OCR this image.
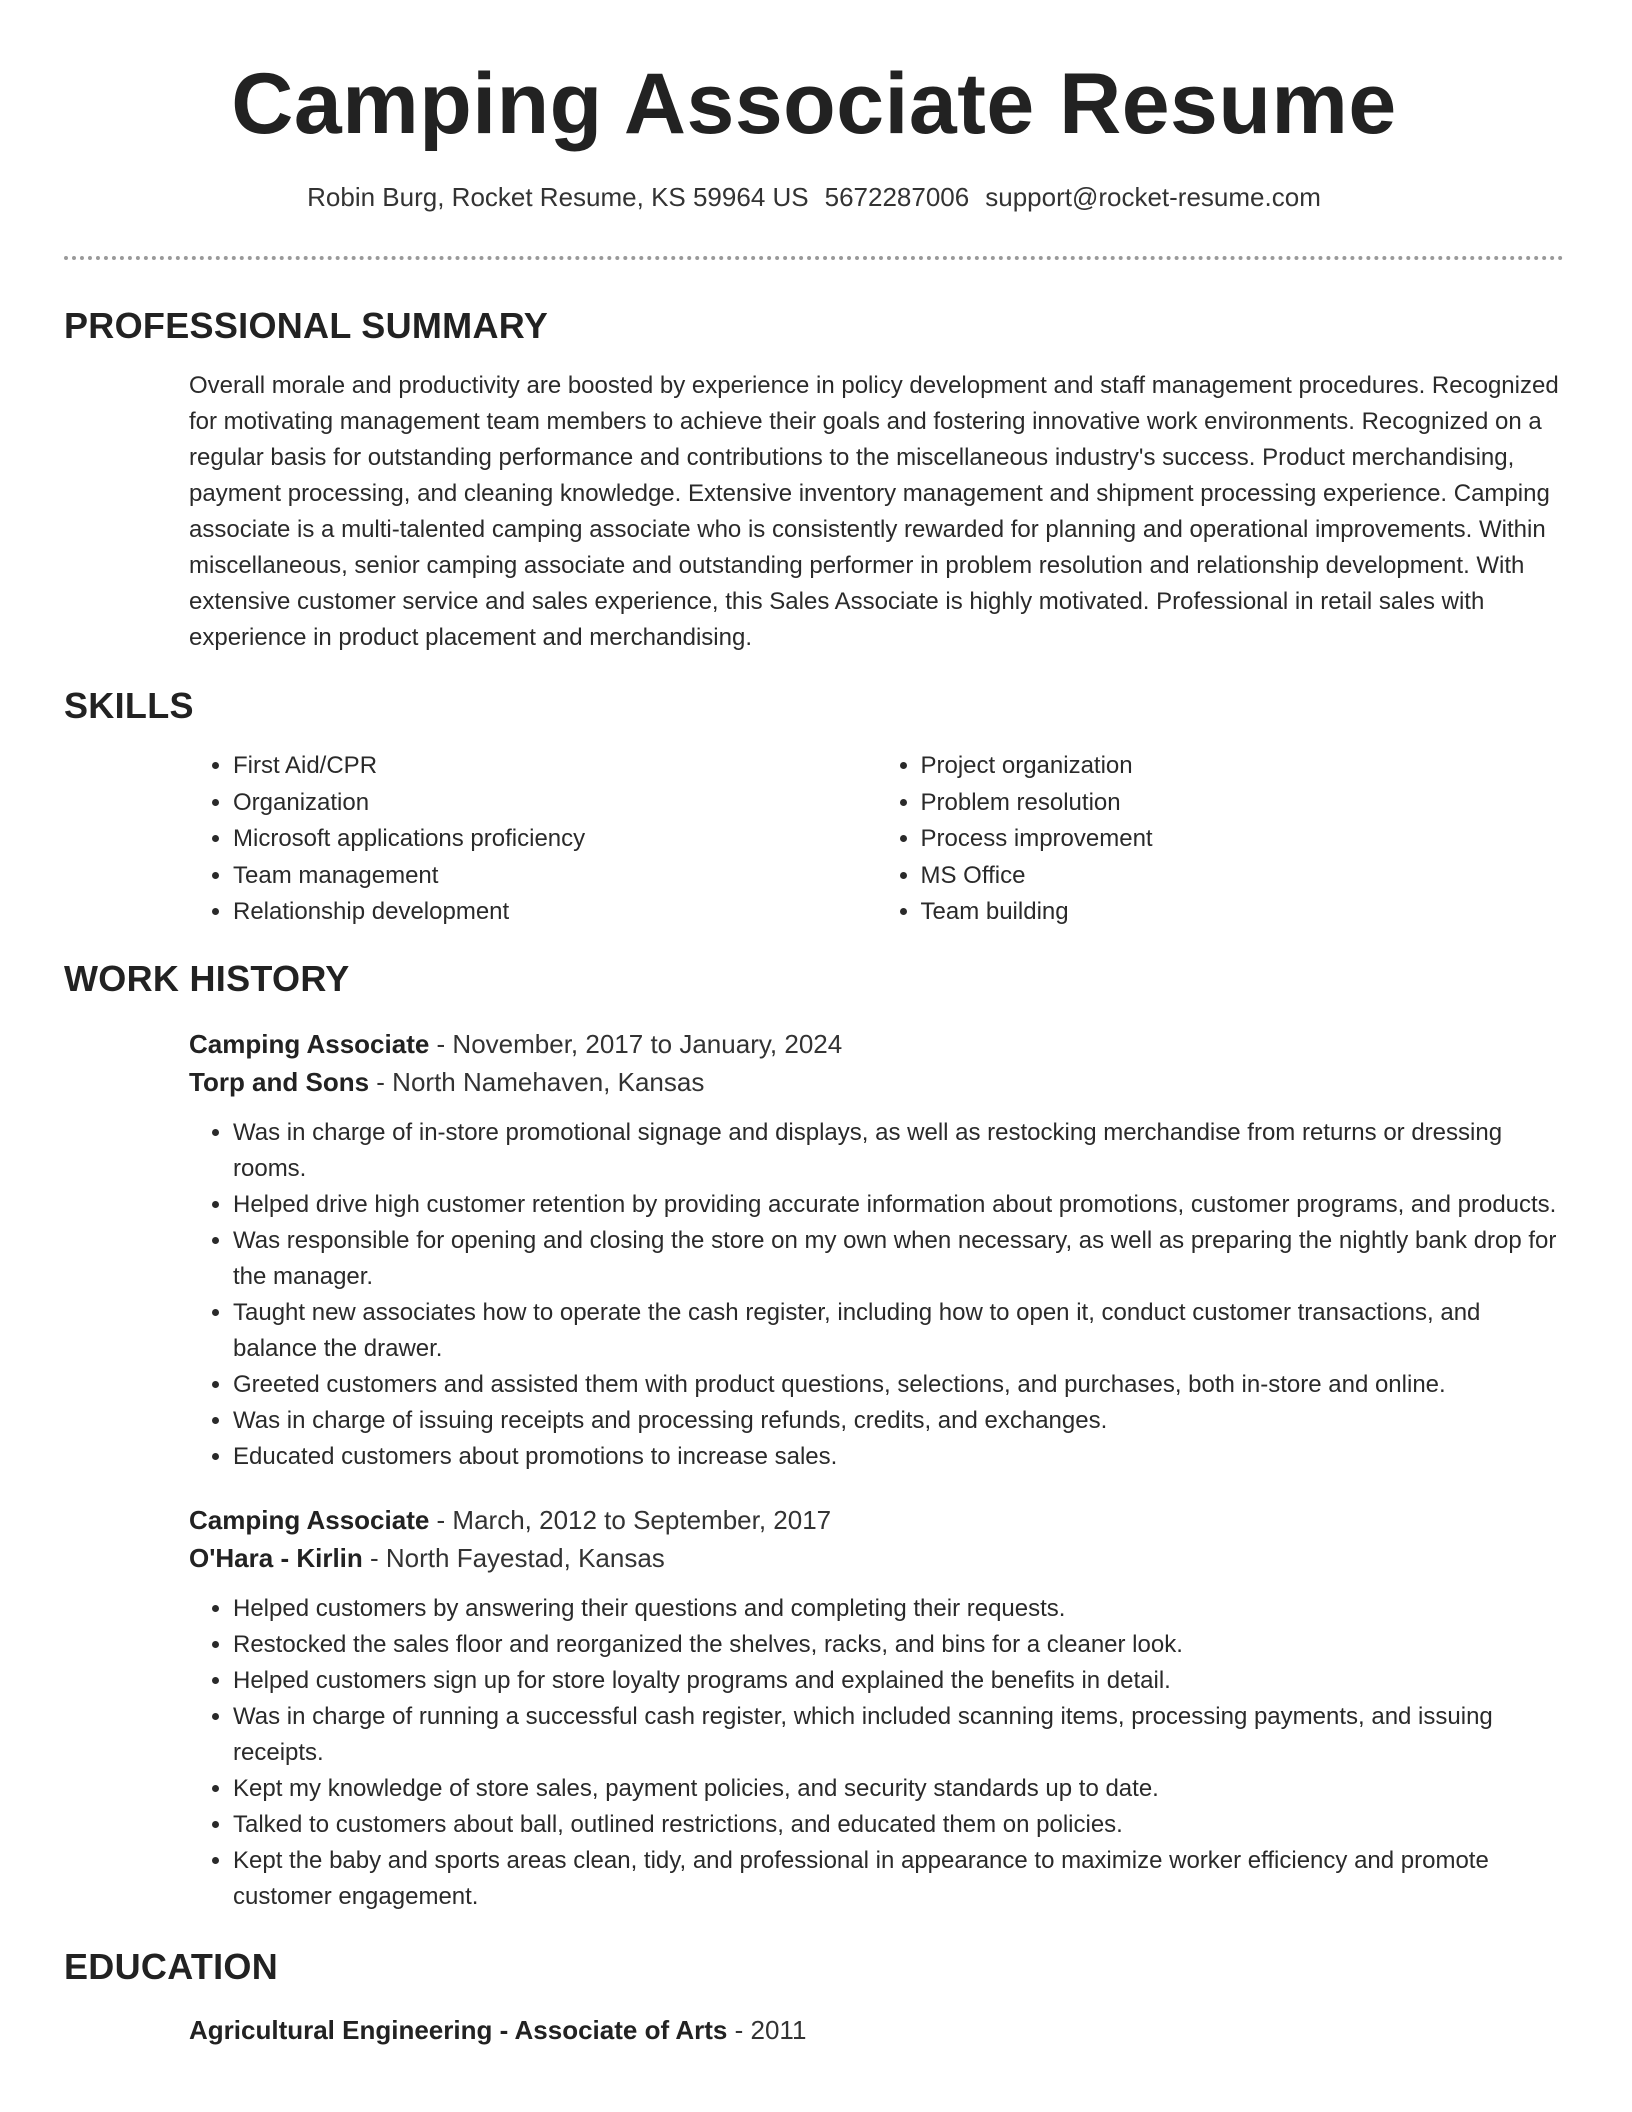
Camping Associate Resume
Robin Burg, Rocket Resume, KS 59964 US 5672287006 support@rocket-resume.com
PROFESSIONAL SUMMARY
Overall morale and productivity are boosted by experience in policy development and staff management procedures. Recognized for motivating management team members to achieve their goals and fostering innovative work environments. Recognized on a regular basis for outstanding performance and contributions to the miscellaneous industry's success. Product merchandising, payment processing, and cleaning knowledge. Extensive inventory management and shipment processing experience. Camping associate is a multi-talented camping associate who is consistently rewarded for planning and operational improvements. Within miscellaneous, senior camping associate and outstanding performer in problem resolution and relationship development. With extensive customer service and sales experience, this Sales Associate is highly motivated. Professional in retail sales with experience in product placement and merchandising.
SKILLS
• First Aid/CPR
• Organization
• Microsoft applications proficiency
• Team management
• Relationship development
• Project organization
• Problem resolution
• Process improvement
• MS Office
• Team building
WORK HISTORY
Camping Associate - November, 2017 to January, 2024
Torp and Sons - North Namehaven, Kansas
• Was in charge of in-store promotional signage and displays, as well as restocking merchandise from returns or dressing rooms.
• Helped drive high customer retention by providing accurate information about promotions, customer programs, and products.
• Was responsible for opening and closing the store on my own when necessary, as well as preparing the nightly bank drop for the manager.
• Taught new associates how to operate the cash register, including how to open it, conduct customer transactions, and balance the drawer.
• Greeted customers and assisted them with product questions, selections, and purchases, both in-store and online.
• Was in charge of issuing receipts and processing refunds, credits, and exchanges.
• Educated customers about promotions to increase sales.
Camping Associate - March, 2012 to September, 2017
O'Hara - Kirlin - North Fayestad, Kansas
• Helped customers by answering their questions and completing their requests.
• Restocked the sales floor and reorganized the shelves, racks, and bins for a cleaner look.
• Helped customers sign up for store loyalty programs and explained the benefits in detail.
• Was in charge of running a successful cash register, which included scanning items, processing payments, and issuing receipts.
• Kept my knowledge of store sales, payment policies, and security standards up to date.
• Talked to customers about ball, outlined restrictions, and educated them on policies.
• Kept the baby and sports areas clean, tidy, and professional in appearance to maximize worker efficiency and promote customer engagement.
EDUCATION
Agricultural Engineering - Associate of Arts - 2011
